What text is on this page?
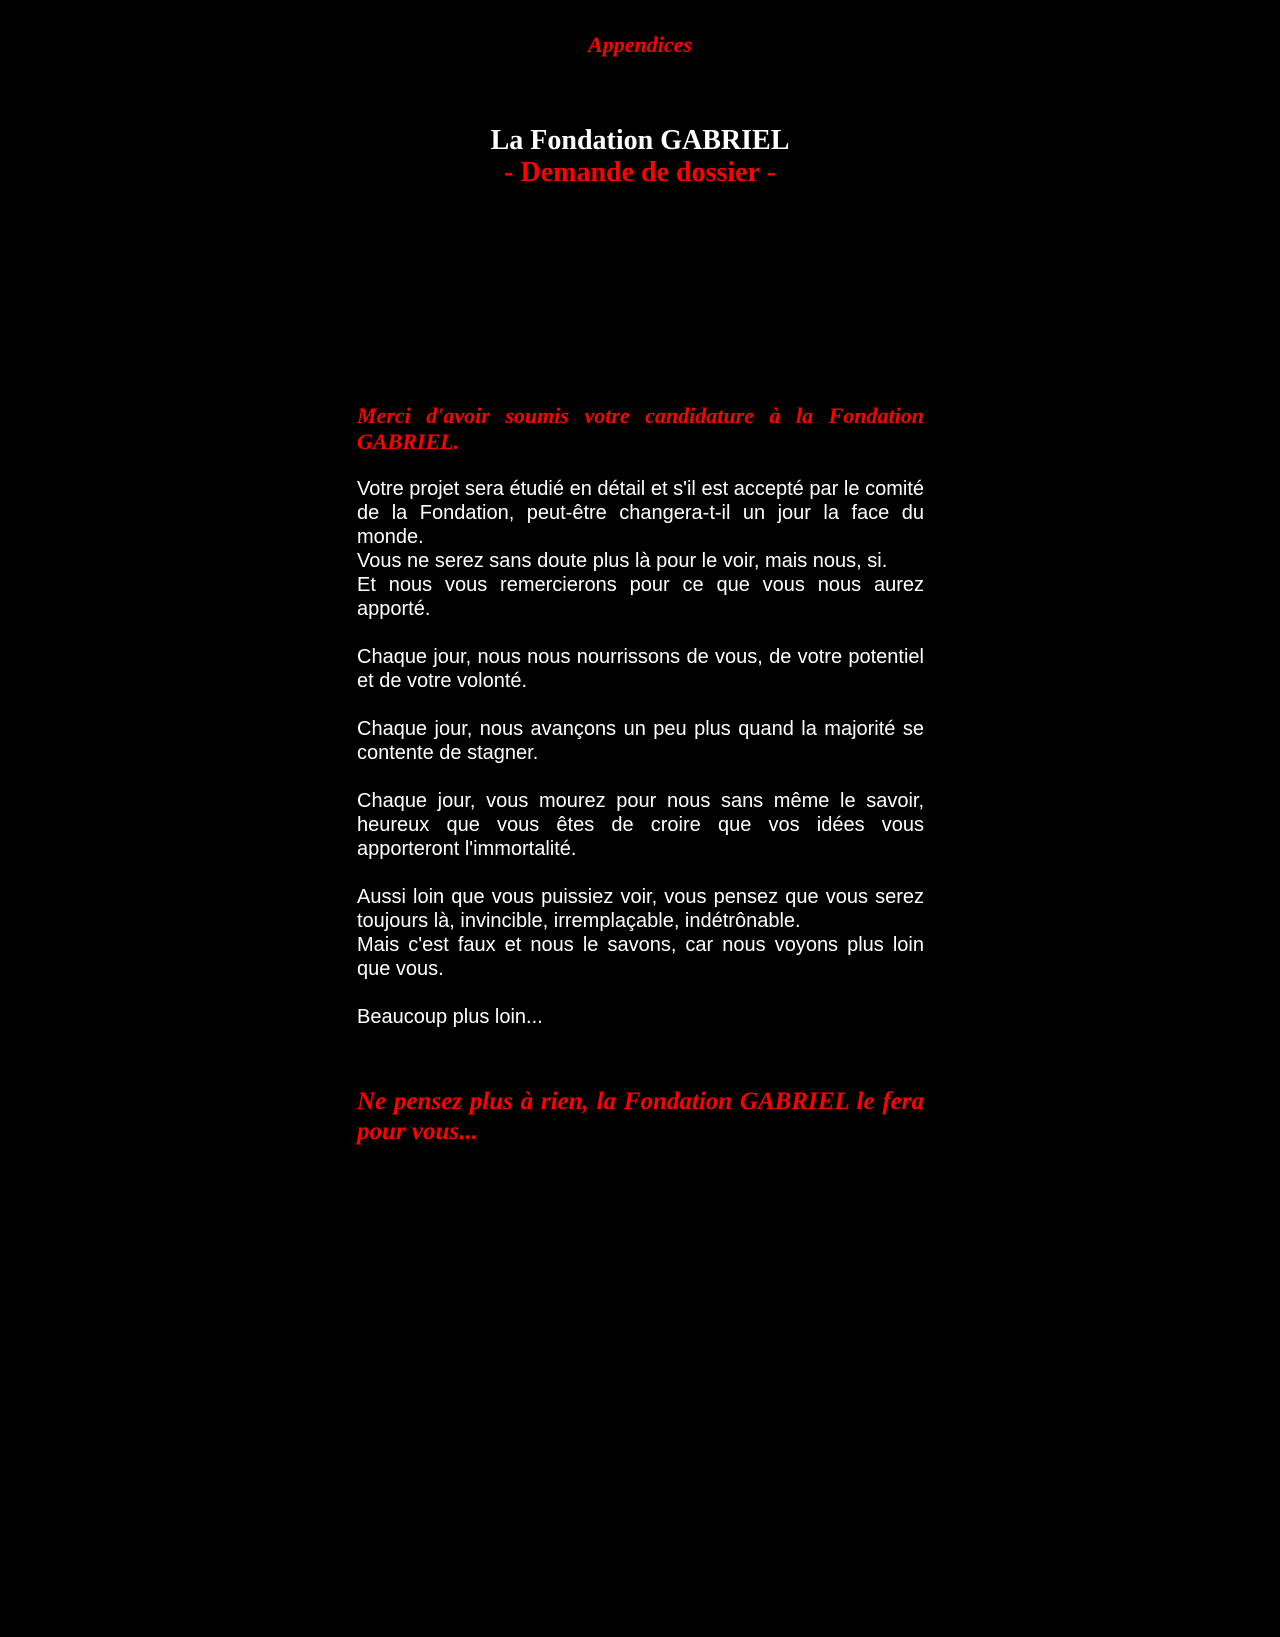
Appendices
La Fondation GABRIEL
- Demande de dossier -

Merci d'avoir soumis votre candidature à la Fondation GABRIEL.

Votre projet sera étudié en détail et s'il est accepté par le comité de la Fondation, peut-être changera-t-il un jour la face du monde.
Vous ne serez sans doute plus là pour le voir, mais nous, si.
Et nous vous remercierons pour ce que vous nous aurez apporté.
Chaque jour, nous nous nourrissons de vous, de votre potentiel et de votre volonté.
Chaque jour, nous avançons un peu plus quand la majorité se contente de stagner.
Chaque jour, vous mourez pour nous sans même le savoir, heureux que vous êtes de croire que vos idées vous apporteront l'immortalité.
Aussi loin que vous puissiez voir, vous pensez que vous serez toujours là, invincible, irremplaçable, indétrônable.
Mais c'est faux et nous le savons, car nous voyons plus loin que vous.
Beaucoup plus loin...
Ne pensez plus à rien, la Fondation GABRIEL le fera pour vous...
